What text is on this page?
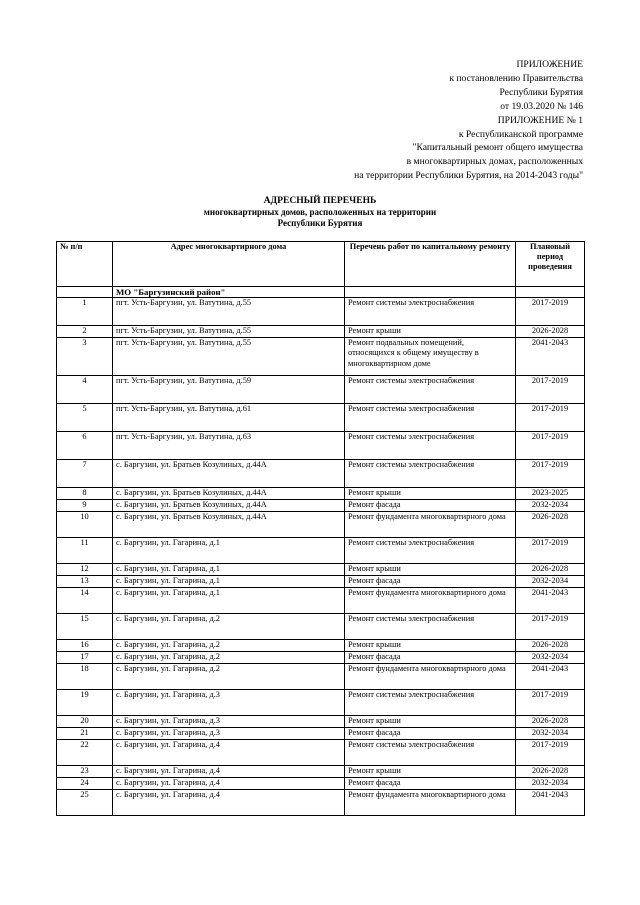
ПРИЛОЖЕНИЕ
к постановлению Правительства
Республики Бурятия
от 19.03.2020 № 146
ПРИЛОЖЕНИЕ № 1
к Республиканской программе
"Капитальный ремонт общего имущества
в многоквартирных домах, расположенных
на территории Республики Бурятия, на 2014-2043 годы"
АДРЕСНЫЙ ПЕРЕЧЕНЬ
многоквартирных домов, расположенных на территории
Республики Бурятия
№ п/п	Адрес многоквартирного дома	Перечень работ по капитальному ремонту	Плановый период проведения
	МО "Баргузинский район"		
1	пгт. Усть-Баргузин, ул. Ватутина, д.55	Ремонт системы электроснабжения	2017-2019
2	пгт. Усть-Баргузин, ул. Ватутина, д.55	Ремонт крыши	2026-2028
3	пгт. Усть-Баргузин, ул. Ватутина, д.55	Ремонт подвальных помещений, относящихся к общему имуществу в многоквартирном доме	2041-2043
4	пгт. Усть-Баргузин, ул. Ватутина, д.59	Ремонт системы электроснабжения	2017-2019
5	пгт. Усть-Баргузин, ул. Ватутина, д.61	Ремонт системы электроснабжения	2017-2019
6	пгт. Усть-Баргузин, ул. Ватутина, д.63	Ремонт системы электроснабжения	2017-2019
7	с. Баргузин, ул. Братьев Козулиных, д.44А	Ремонт системы электроснабжения	2017-2019
8	с. Баргузин, ул. Братьев Козулиных, д.44А	Ремонт крыши	2023-2025
9	с. Баргузин, ул. Братьев Козулиных, д.44А	Ремонт фасада	2032-2034
10	с. Баргузин, ул. Братьев Козулиных, д.44А	Ремонт фундамента многоквартирного дома	2026-2028
11	с. Баргузин, ул. Гагарина, д.1	Ремонт системы электроснабжения	2017-2019
12	с. Баргузин, ул. Гагарина, д.1	Ремонт крыши	2026-2028
13	с. Баргузин, ул. Гагарина, д.1	Ремонт фасада	2032-2034
14	с. Баргузин, ул. Гагарина, д.1	Ремонт фундамента многоквартирного дома	2041-2043
15	с. Баргузин, ул. Гагарина, д.2	Ремонт системы электроснабжения	2017-2019
16	с. Баргузин, ул. Гагарина, д.2	Ремонт крыши	2026-2028
17	с. Баргузин, ул. Гагарина, д.2	Ремонт фасада	2032-2034
18	с. Баргузин, ул. Гагарина, д.2	Ремонт фундамента многоквартирного дома	2041-2043
19	с. Баргузин, ул. Гагарина, д.3	Ремонт системы электроснабжения	2017-2019
20	с. Баргузин, ул. Гагарина, д.3	Ремонт крыши	2026-2028
21	с. Баргузин, ул. Гагарина, д.3	Ремонт фасада	2032-2034
22	с. Баргузин, ул. Гагарина, д.4	Ремонт системы электроснабжения	2017-2019
23	с. Баргузин, ул. Гагарина, д.4	Ремонт крыши	2026-2028
24	с. Баргузин, ул. Гагарина, д.4	Ремонт фасада	2032-2034
25	с. Баргузин, ул. Гагарина, д.4	Ремонт фундамента многоквартирного дома	2041-2043
